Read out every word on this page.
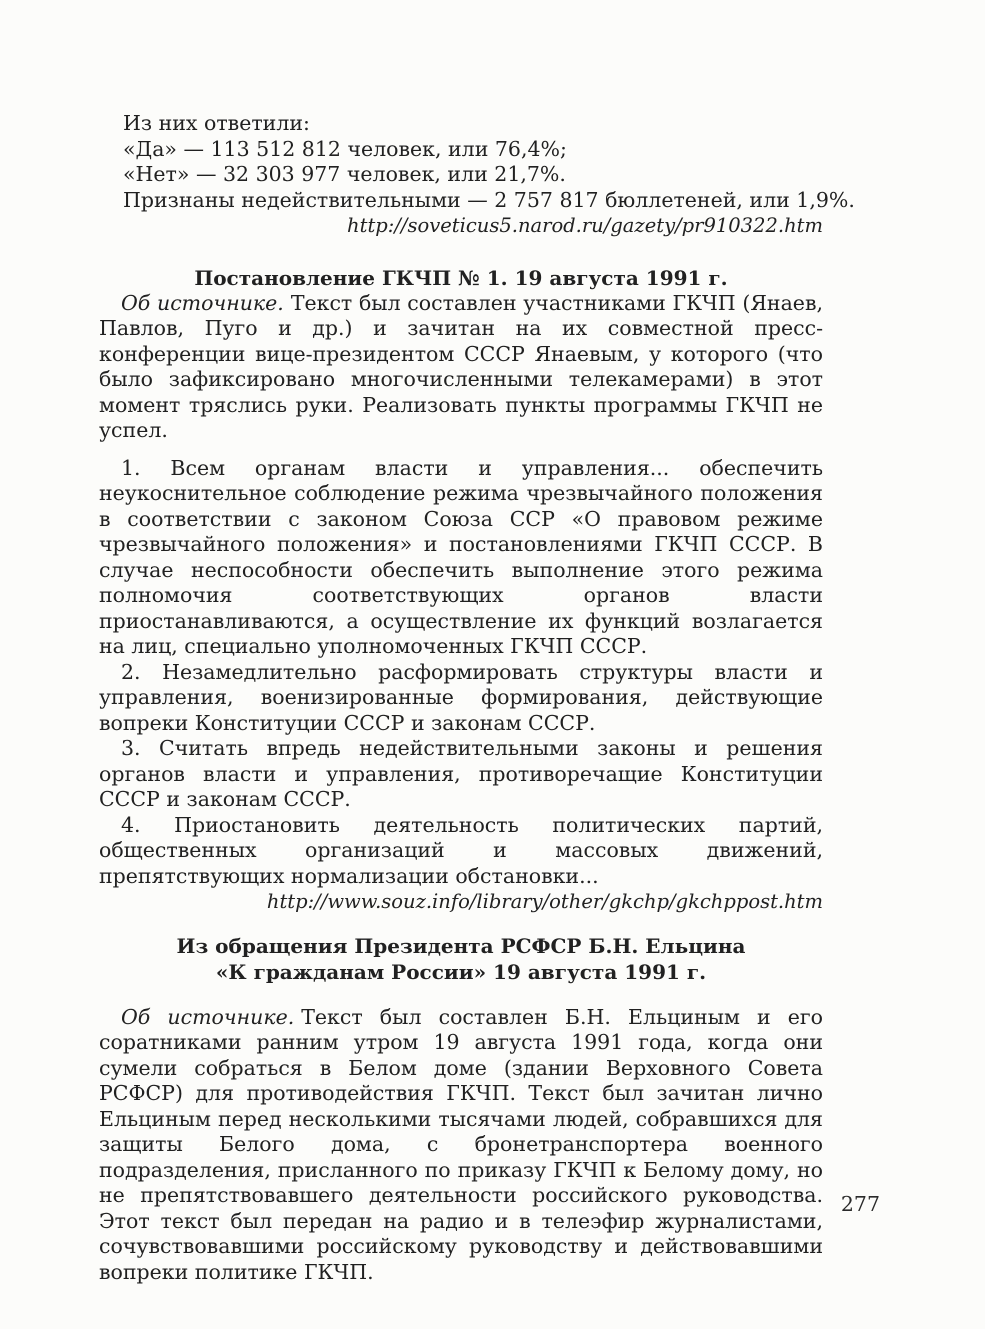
Из них ответили:

«Да» — 113 512 812 человек, или 76,4%;

«Нет» — 32 303 977 человек, или 21,7%.

Признаны недействительными — 2 757 817 бюллетеней, или 1,9%.

http://soveticus5.narod.ru/gazety/pr910322.htm

Постановление ГКЧП № 1. 19 августа 1991 г.

Об источнике. Текст был составлен участниками ГКЧП (Янаев, Павлов, Пуго и др.) и зачитан на их совместной пресс-конференции вице-президентом СССР Янаевым, у которого (что было зафиксировано многочисленными телекамерами) в этот момент тряслись руки. Реализовать пункты программы ГКЧП не успел.

1. Всем органам власти и управления... обеспечить неукоснительное соблюдение режима чрезвычайного положения в соответствии с законом Союза ССР «О правовом режиме чрезвычайного положения» и постановлениями ГКЧП СССР. В случае неспособности обеспечить выполнение этого режима полномочия соответствующих органов власти приостанавливаются, а осуществление их функций возлагается на лиц, специально уполномоченных ГКЧП СССР.

2. Незамедлительно расформировать структуры власти и управления, военизированные формирования, действующие вопреки Конституции СССР и законам СССР.

3. Считать впредь недействительными законы и решения органов власти и управления, противоречащие Конституции СССР и законам СССР.

4. Приостановить деятельность политических партий, общественных организаций и массовых движений, препятствующих нормализации обстановки...

http://www.souz.info/library/other/gkchp/gkchppost.htm

Из обращения Президента РСФСР Б.Н. Ельцина
«К гражданам России» 19 августа 1991 г.

Об источнике. Текст был составлен Б.Н. Ельциным и его соратниками ранним утром 19 августа 1991 года, когда они сумели собраться в Белом доме (здании Верховного Совета РСФСР) для противодействия ГКЧП. Текст был зачитан лично Ельциным перед несколькими тысячами людей, собравшихся для защиты Белого дома, с бронетранспортера военного подразделения, присланного по приказу ГКЧП к Белому дому, но не препятствовавшего деятельности российского руководства. Этот текст был передан на радио и в телеэфир журналистами, сочувствовавшими российскому руководству и действовавшими вопреки политике ГКЧП.

277
